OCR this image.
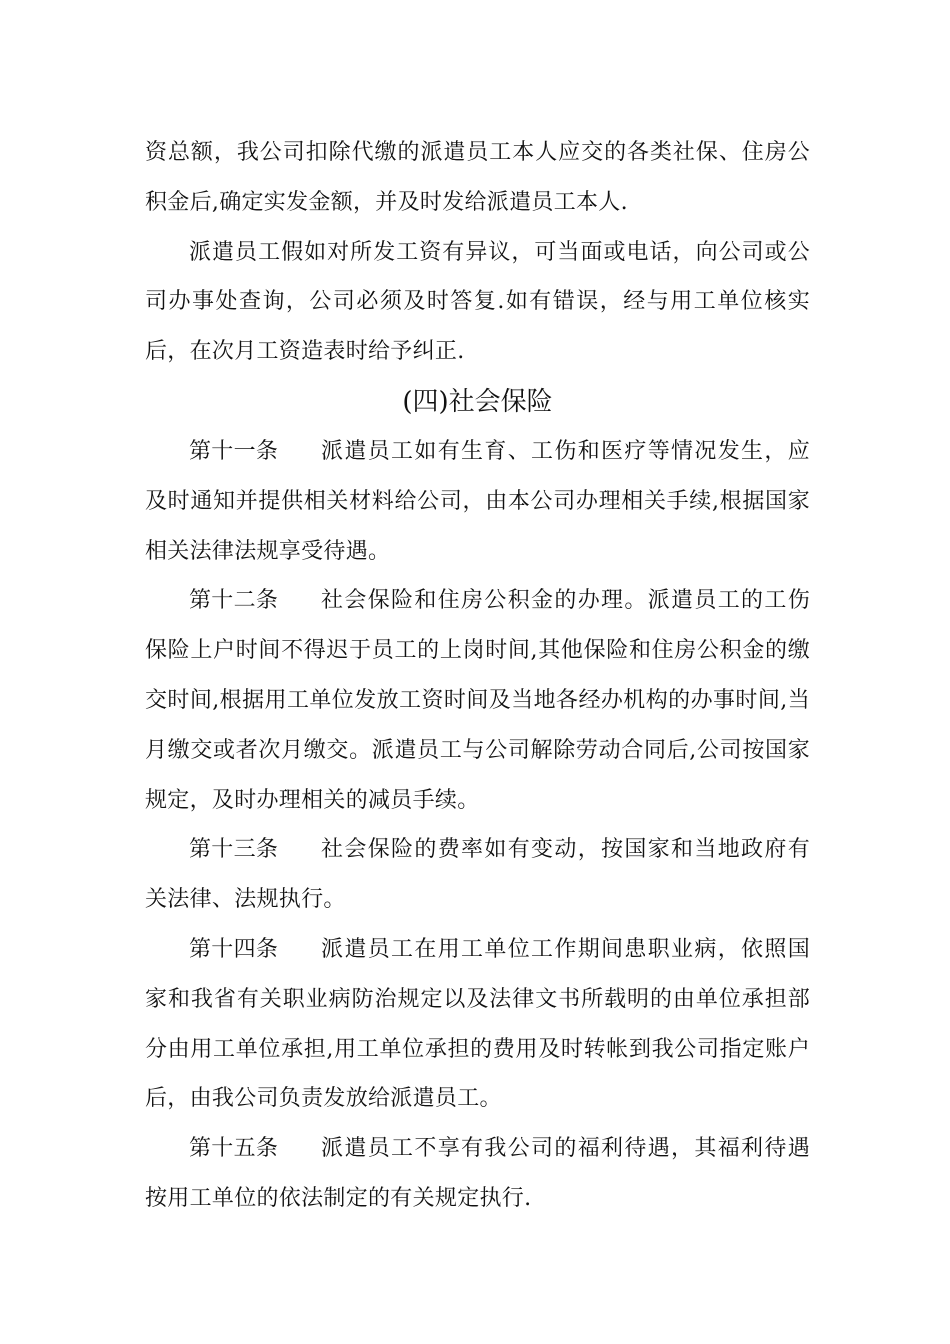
资总额，我公司扣除代缴的派遣员工本人应交的各类社保、住房公积金后,确定实发金额，并及时发给派遣员工本人.

派遣员工假如对所发工资有异议，可当面或电话，向公司或公司办事处查询，公司必须及时答复.如有错误，经与用工单位核实后，在次月工资造表时给予纠正.

(四)社会保险

第十一条 派遣员工如有生育、工伤和医疗等情况发生，应及时通知并提供相关材料给公司，由本公司办理相关手续,根据国家相关法律法规享受待遇。

第十二条 社会保险和住房公积金的办理。派遣员工的工伤保险上户时间不得迟于员工的上岗时间,其他保险和住房公积金的缴交时间,根据用工单位发放工资时间及当地各经办机构的办事时间,当月缴交或者次月缴交。派遣员工与公司解除劳动合同后,公司按国家规定，及时办理相关的减员手续。

第十三条 社会保险的费率如有变动，按国家和当地政府有关法律、法规执行。

第十四条 派遣员工在用工单位工作期间患职业病，依照国家和我省有关职业病防治规定以及法律文书所载明的由单位承担部分由用工单位承担,用工单位承担的费用及时转帐到我公司指定账户后，由我公司负责发放给派遣员工。

第十五条 派遣员工不享有我公司的福利待遇，其福利待遇按用工单位的依法制定的有关规定执行.
